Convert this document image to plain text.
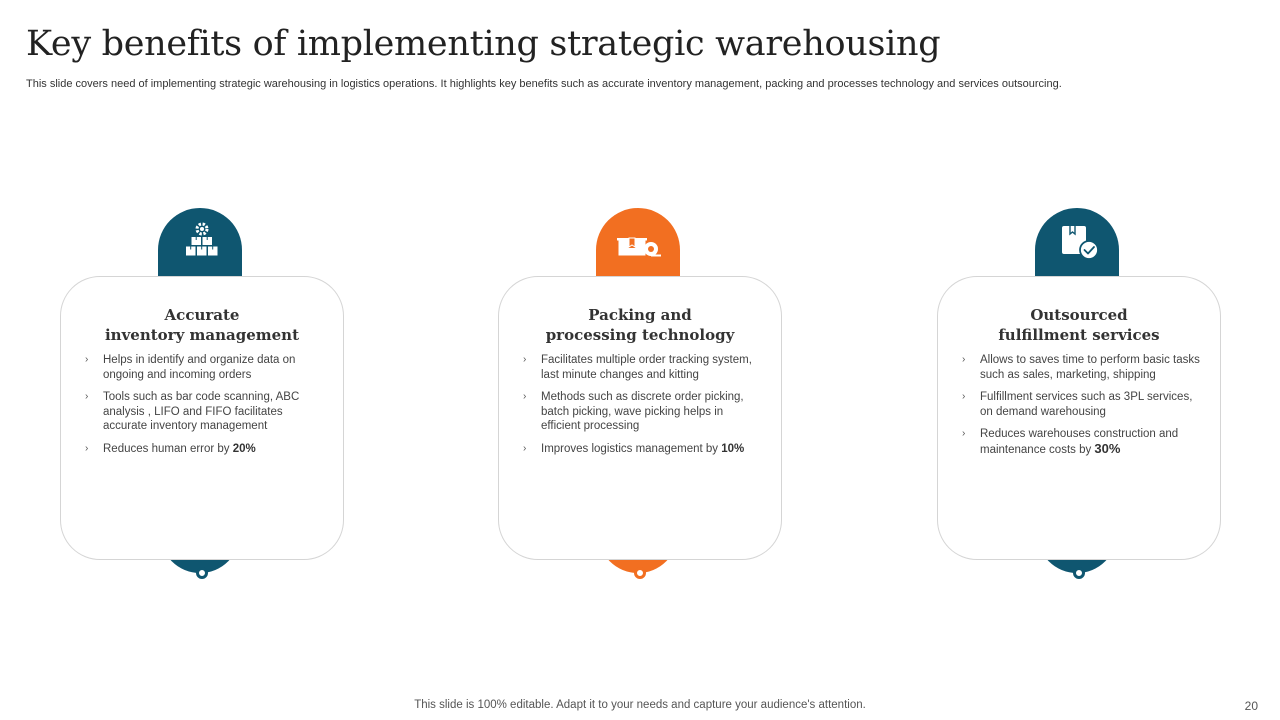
Key benefits of implementing strategic warehousing
This slide covers need of implementing strategic warehousing in logistics operations. It highlights key benefits such as accurate inventory management, packing and processes technology and services outsourcing.
Accurate
inventory management
› Helps in identify and organize data on ongoing and incoming orders
› Tools such as bar code scanning, ABC analysis , LIFO and FIFO facilitates accurate inventory management
› Reduces human error by 20%
Packing and
processing technology
› Facilitates multiple order tracking system, last minute changes and kitting
› Methods such as discrete order picking, batch picking, wave picking helps in efficient processing
› Improves logistics management by 10%
Outsourced
fulfillment services
› Allows to saves time to perform basic tasks such as sales, marketing, shipping
› Fulfillment services such as 3PL services, on demand warehousing
› Reduces warehouses construction and maintenance costs by 30%
This slide is 100% editable. Adapt it to your needs and capture your audience's attention.	20
